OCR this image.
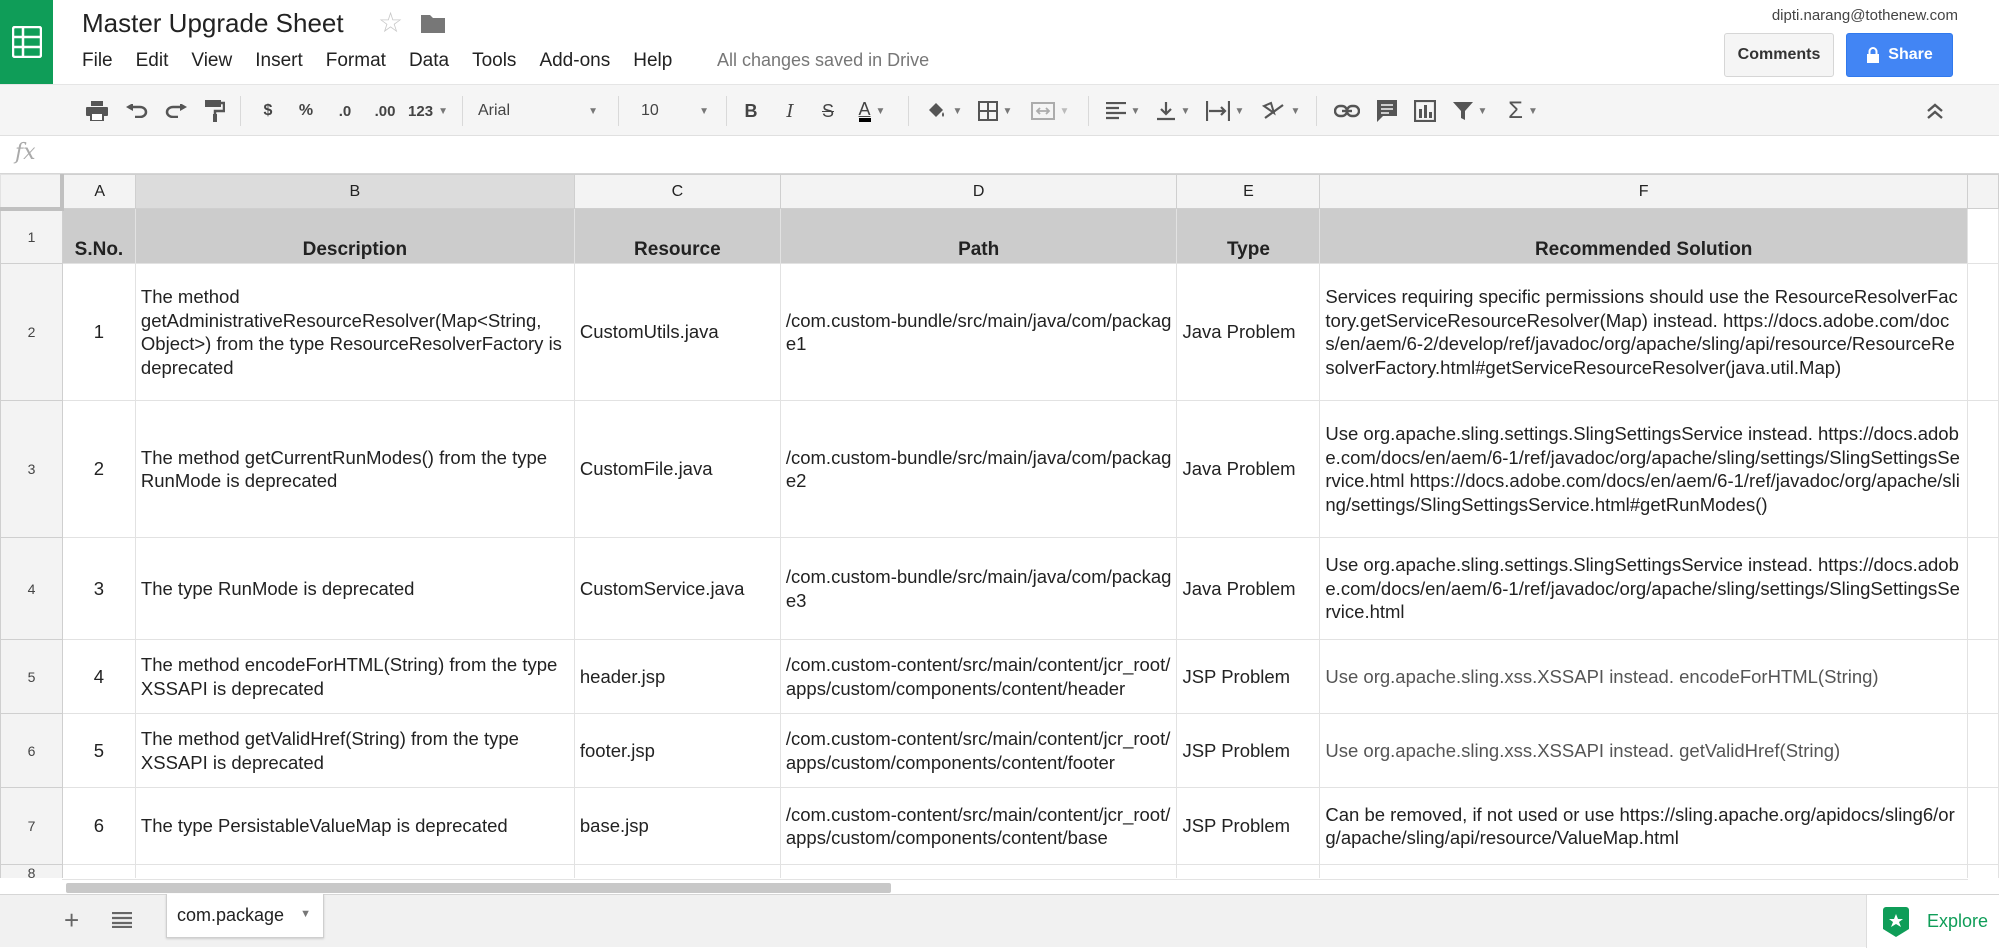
Master Upgrade Sheet ☆
File Edit View Insert Format Data Tools Add-ons Help All changes saved in Drive
dipti.narang@tothenew.com
Comments	Share
$	%	.0	.00 123 ▼ Arial	▼	10	▼	B	I	S	A ▼	▼	▼	▼	▼	▼	▼	▼	▼ Σ ▼
fx
	A	B	C	D	E	F	
1	S.No.	Description	Resource	Path	Type	Recommended Solution	
2	1	The method getAdministrativeResourceResolver(Map<String, Object>) from the type ResourceResolverFactory is deprecated	CustomUtils.java	/com.custom-bundle/src/main/java/com/package1	Java Problem	Services requiring specific permissions should use the ResourceResolverFactory.getServiceResourceResolver(Map) instead. https://docs.adobe.com/docs/en/aem/6-2/develop/ref/javadoc/org/apache/sling/api/resource/ResourceResolverFactory.html#getServiceResourceResolver(java.util.Map)	
3	2	The method getCurrentRunModes() from the type RunMode is deprecated	CustomFile.java	/com.custom-bundle/src/main/java/com/package2	Java Problem	Use org.apache.sling.settings.SlingSettingsService instead. https://docs.adobe.com/docs/en/aem/6-1/ref/javadoc/org/apache/sling/settings/SlingSettingsService.html https://docs.adobe.com/docs/en/aem/6-1/ref/javadoc/org/apache/sling/settings/SlingSettingsService.html#getRunModes()	
4	3	The type RunMode is deprecated	CustomService.java	/com.custom-bundle/src/main/java/com/package3	Java Problem	Use org.apache.sling.settings.SlingSettingsService instead. https://docs.adobe.com/docs/en/aem/6-1/ref/javadoc/org/apache/sling/settings/SlingSettingsService.html	
5	4	The method encodeForHTML(String) from the type XSSAPI is deprecated	header.jsp	/com.custom-content/src/main/content/jcr_root/apps/custom/components/content/header	JSP Problem	Use org.apache.sling.xss.XSSAPI instead. encodeForHTML(String)	
6	5	The method getValidHref(String) from the type XSSAPI is deprecated	footer.jsp	/com.custom-content/src/main/content/jcr_root/apps/custom/components/content/footer	JSP Problem	Use org.apache.sling.xss.XSSAPI instead. getValidHref(String)	
7	6	The type PersistableValueMap is deprecated	base.jsp	/com.custom-content/src/main/content/jcr_root/apps/custom/components/content/base	JSP Problem	Can be removed, if not used or use https://sling.apache.org/apidocs/sling6/org/apache/sling/api/resource/ValueMap.html	
8							
+	com.package ▼	Explore
